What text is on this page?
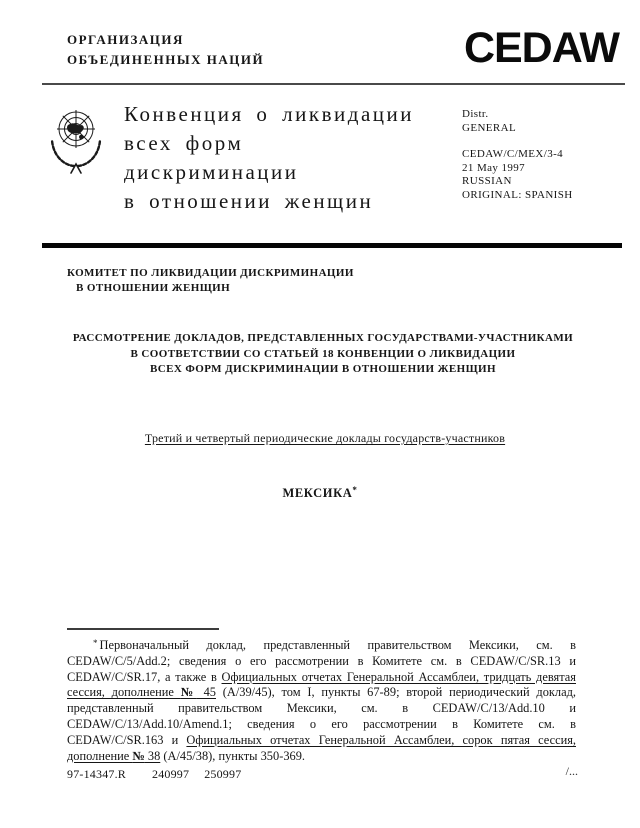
ОРГАНИЗАЦИЯ
ОБЪЕДИНЕННЫХ НАЦИЙ	CEDAW
Конвенция о ликвидации
всех форм
дискриминации
в отношении женщин
Distr.
GENERAL
CEDAW/C/MEX/3-4
21 May 1997
RUSSIAN
ORIGINAL: SPANISH
КОМИТЕТ ПО ЛИКВИДАЦИИ ДИСКРИМИНАЦИИ
В ОТНОШЕНИИ ЖЕНЩИН
РАССМОТРЕНИЕ ДОКЛАДОВ, ПРЕДСТАВЛЕННЫХ ГОСУДАРСТВАМИ-УЧАСТНИКАМИ
В СООТВЕТСТВИИ СО СТАТЬЕЙ 18 КОНВЕНЦИИ О ЛИКВИДАЦИИ
ВСЕХ ФОРМ ДИСКРИМИНАЦИИ В ОТНОШЕНИИ ЖЕНЩИН
Третий и четвертый периодические доклады государств-участников
МЕКСИКА*

* Первоначальный доклад, представленный правительством Мексики, см. в CEDAW/C/5/Add.2; сведения о его рассмотрении в Комитете см. в CEDAW/C/SR.13 и CEDAW/C/SR.17, а также в Официальных отчетах Генеральной Ассамблеи, тридцать девятая сессия, дополнение № 45 (A/39/45), том I, пункты 67-89; второй периодический доклад, представленный правительством Мексики, см. в CEDAW/C/13/Add.10 и CEDAW/C/13/Add.10/Amend.1; сведения о его рассмотрении в Комитете см. в CEDAW/C/SR.163 и Официальных отчетах Генеральной Ассамблеи, сорок пятая сессия, дополнение № 38 (A/45/38), пункты 350-369.

97-14347.R 240997 250997	/...
